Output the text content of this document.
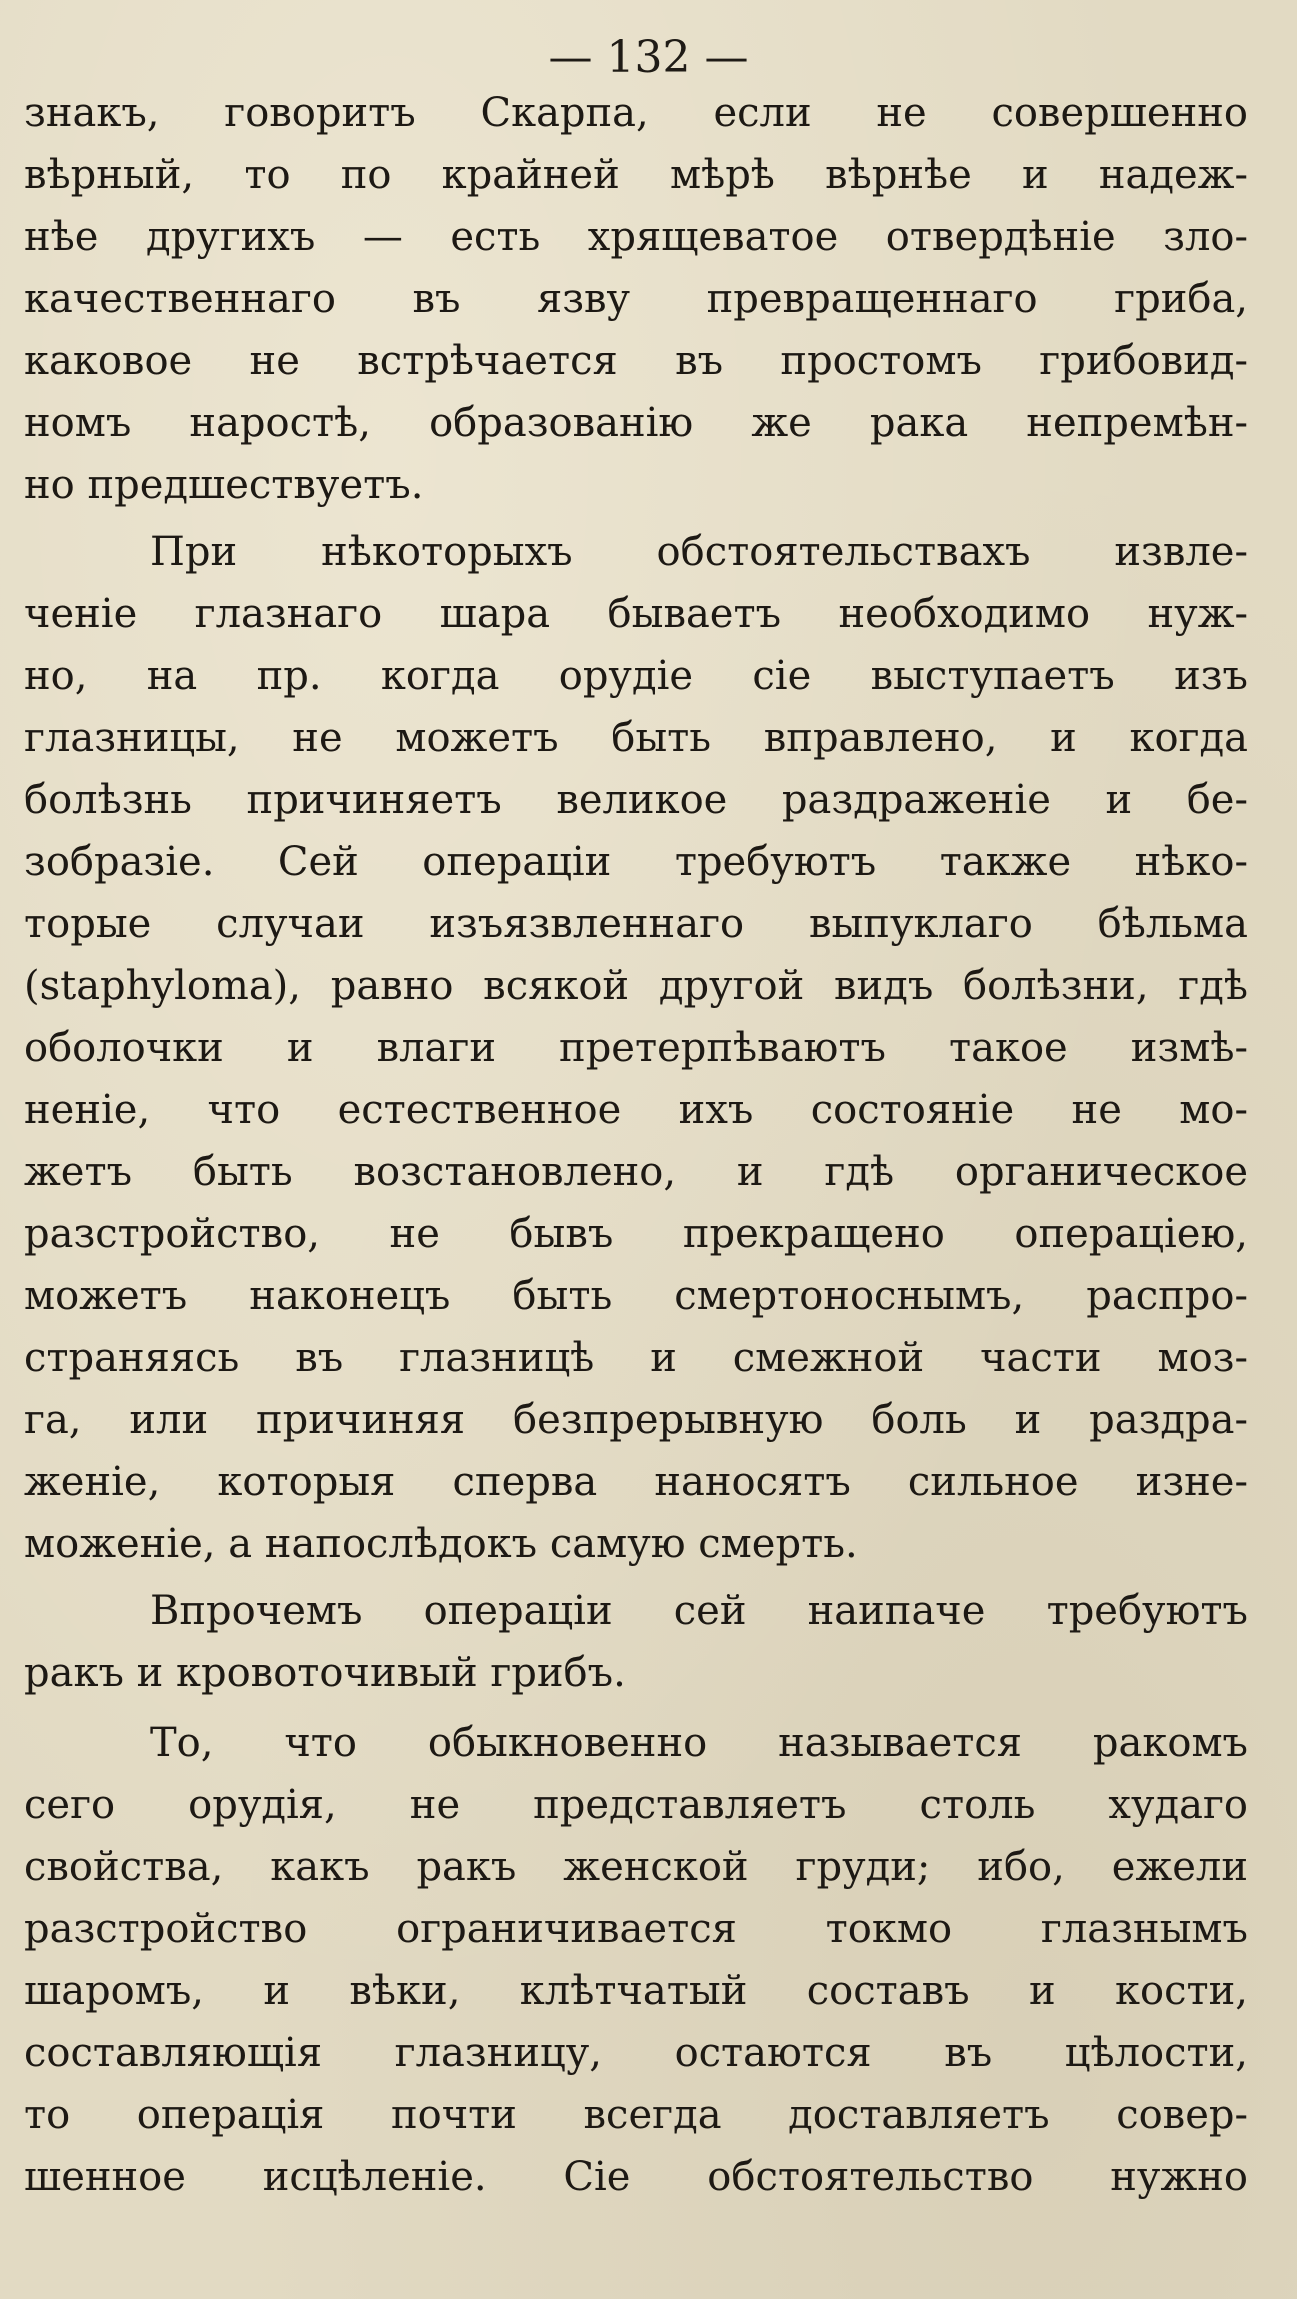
— 132 —
знакъ, говоритъ Скарпа, если не совершенно
вѣрный, то по крайней мѣрѣ вѣрнѣе и надеж-
нѣе другихъ — есть хрящеватое отвердѣніе зло-
качественнаго въ язву превращеннаго гриба,
каковое не встрѣчается въ простомъ грибовид-
номъ наростѣ, образованію же рака непремѣн-
но предшествуетъ.
При нѣкоторыхъ обстоятельствахъ извле-
ченіе глазнаго шара бываетъ необходимо нуж-
но, на пр. когда орудіе сіе выступаетъ изъ
глазницы, не можетъ быть вправлено, и когда
болѣзнь причиняетъ великое раздраженіе и бе-
зобразіе. Сей операціи требуютъ также нѣко-
торые случаи изъязвленнаго выпуклаго бѣльма
(staphyloma), равно всякой другой видъ болѣзни, гдѣ
оболочки и влаги претерпѣваютъ такое измѣ-
неніе, что естественное ихъ состояніе не мо-
жетъ быть возстановлено, и гдѣ органическое
разстройство, не бывъ прекращено операціею,
можетъ наконецъ быть смертоноснымъ, распро-
страняясь въ глазницѣ и смежной части моз-
га, или причиняя безпрерывную боль и раздра-
женіе, которыя сперва наносятъ сильное изне-
моженіе, а напослѣдокъ самую смерть.
Впрочемъ операціи сей наипаче требуютъ
ракъ и кровоточивый грибъ.
То, что обыкновенно называется ракомъ
сего орудія, не представляетъ столь худаго
свойства, какъ ракъ женской груди; ибо, ежели
разстройство ограничивается токмо глазнымъ
шаромъ, и вѣки, клѣтчатый составъ и кости,
составляющія глазницу, остаются въ цѣлости,
то операція почти всегда доставляетъ совер-
шенное исцѣленіе. Сіе обстоятельство нужно
